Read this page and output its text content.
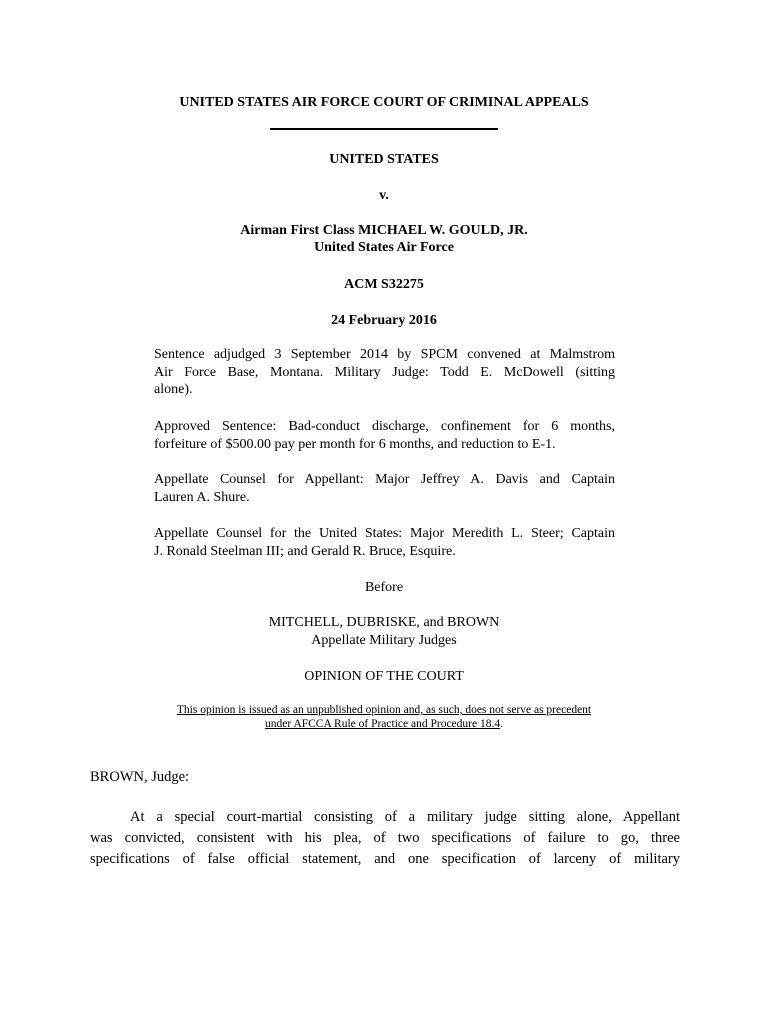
UNITED STATES AIR FORCE COURT OF CRIMINAL APPEALS
UNITED STATES
v.
Airman First Class MICHAEL W. GOULD, JR.
United States Air Force
ACM S32275
24 February 2016
Sentence adjudged 3 September 2014 by SPCM convened at Malmstrom
Air Force Base, Montana. Military Judge: Todd E. McDowell (sitting
alone).
Approved Sentence: Bad-conduct discharge, confinement for 6 months,
forfeiture of $500.00 pay per month for 6 months, and reduction to E-1.
Appellate Counsel for Appellant: Major Jeffrey A. Davis and Captain
Lauren A. Shure.
Appellate Counsel for the United States: Major Meredith L. Steer; Captain
J. Ronald Steelman III; and Gerald R. Bruce, Esquire.
Before
MITCHELL, DUBRISKE, and BROWN
Appellate Military Judges
OPINION OF THE COURT
This opinion is issued as an unpublished opinion and, as such, does not serve as precedent
under AFCCA Rule of Practice and Procedure 18.4.
BROWN, Judge:
At a special court-martial consisting of a military judge sitting alone, Appellant
was convicted, consistent with his plea, of two specifications of failure to go, three
specifications of false official statement, and one specification of larceny of military
